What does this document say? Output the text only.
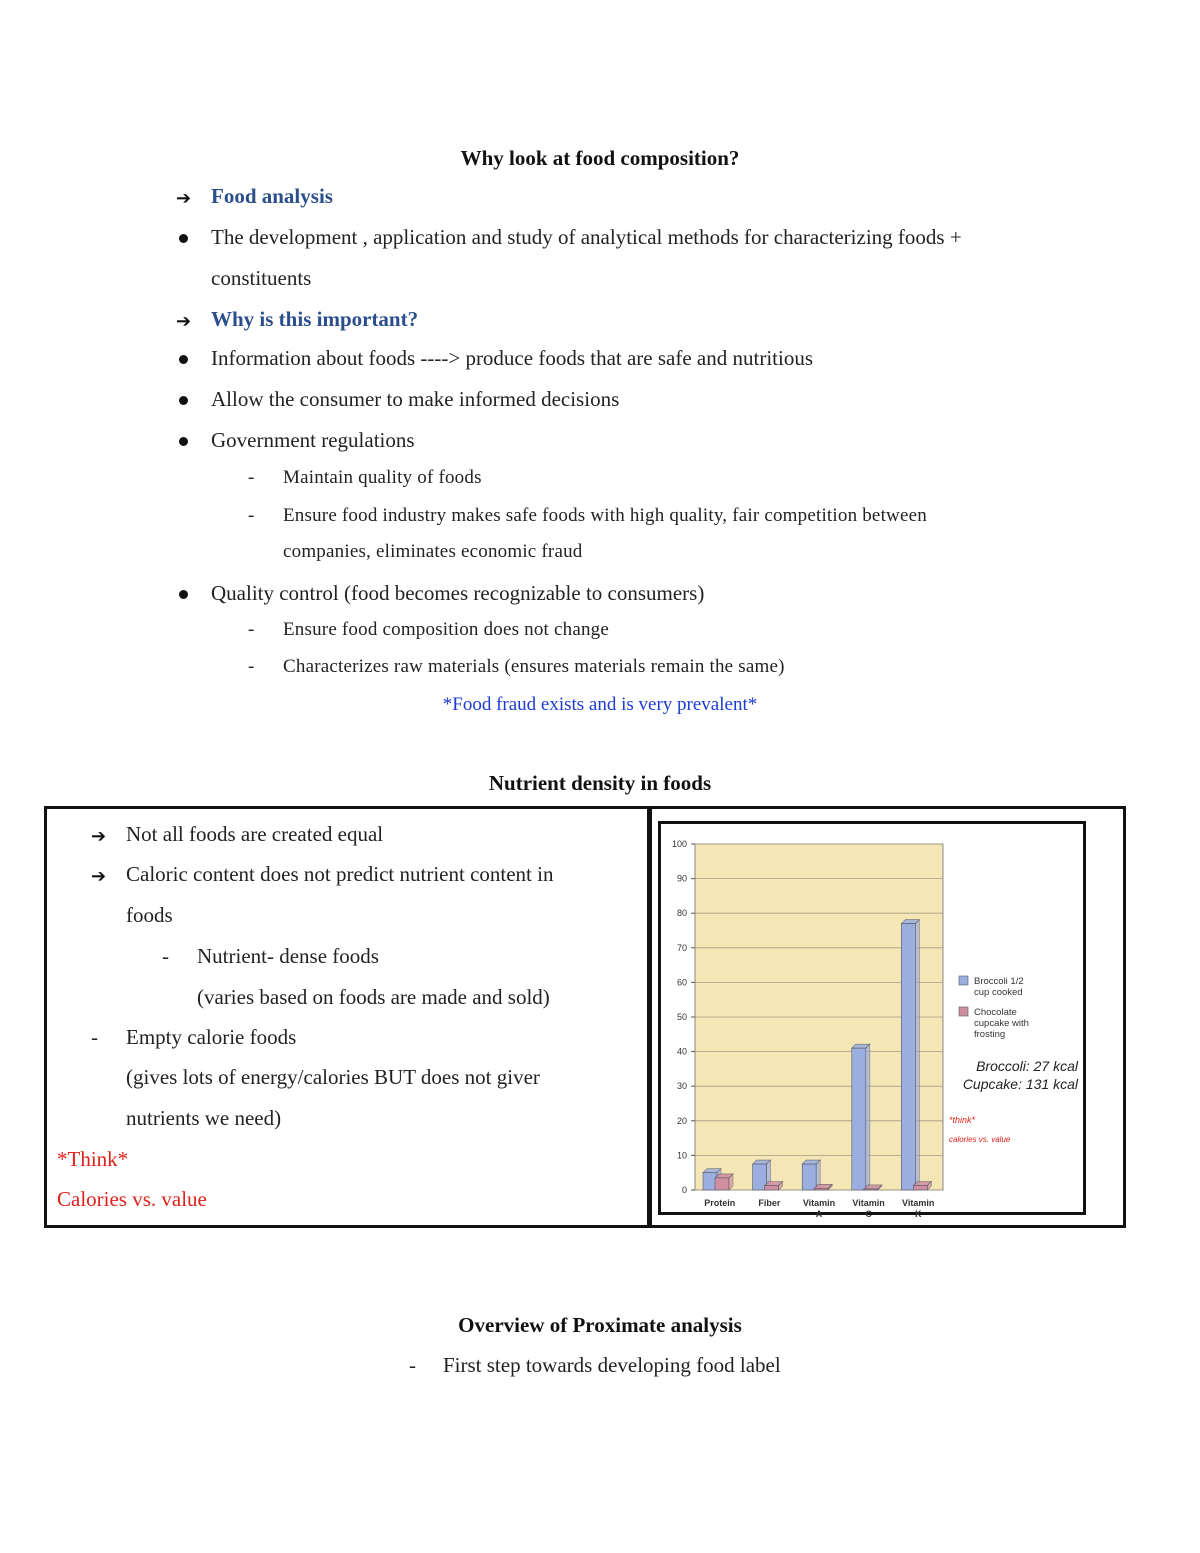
Why look at food composition?
➔ Food analysis
The development , application and study of analytical methods for characterizing foods +
constituents
➔ Why is this important?
Information about foods ----> produce foods that are safe and nutritious
Allow the consumer to make informed decisions
Government regulations
- Maintain quality of foods
- Ensure food industry makes safe foods with high quality, fair competition between
companies, eliminates economic fraud
Quality control (food becomes recognizable to consumers)
- Ensure food composition does not change
- Characterizes raw materials (ensures materials remain the same)
*Food fraud exists and is very prevalent*
Nutrient density in foods
➔ Not all foods are created equal
➔ Caloric content does not predict nutrient content in
foods
- Nutrient- dense foods
(varies based on foods are made and sold)
- Empty calorie foods
(gives lots of energy/calories BUT does not giver
nutrients we need)
*Think*
Calories vs. value	0
10
20
30
40
50
60
70
80
90
100
Protein	Fiber Vitamin A
Vitamin C
Vitamin K
Broccoli 1/2
cup cooked
Chocolate
cupcake with
frosting
Broccoli: 27 kcal
Cupcake: 131 kcal
*think*
calories vs. value
Overview of Proximate analysis
- First step towards developing food label
